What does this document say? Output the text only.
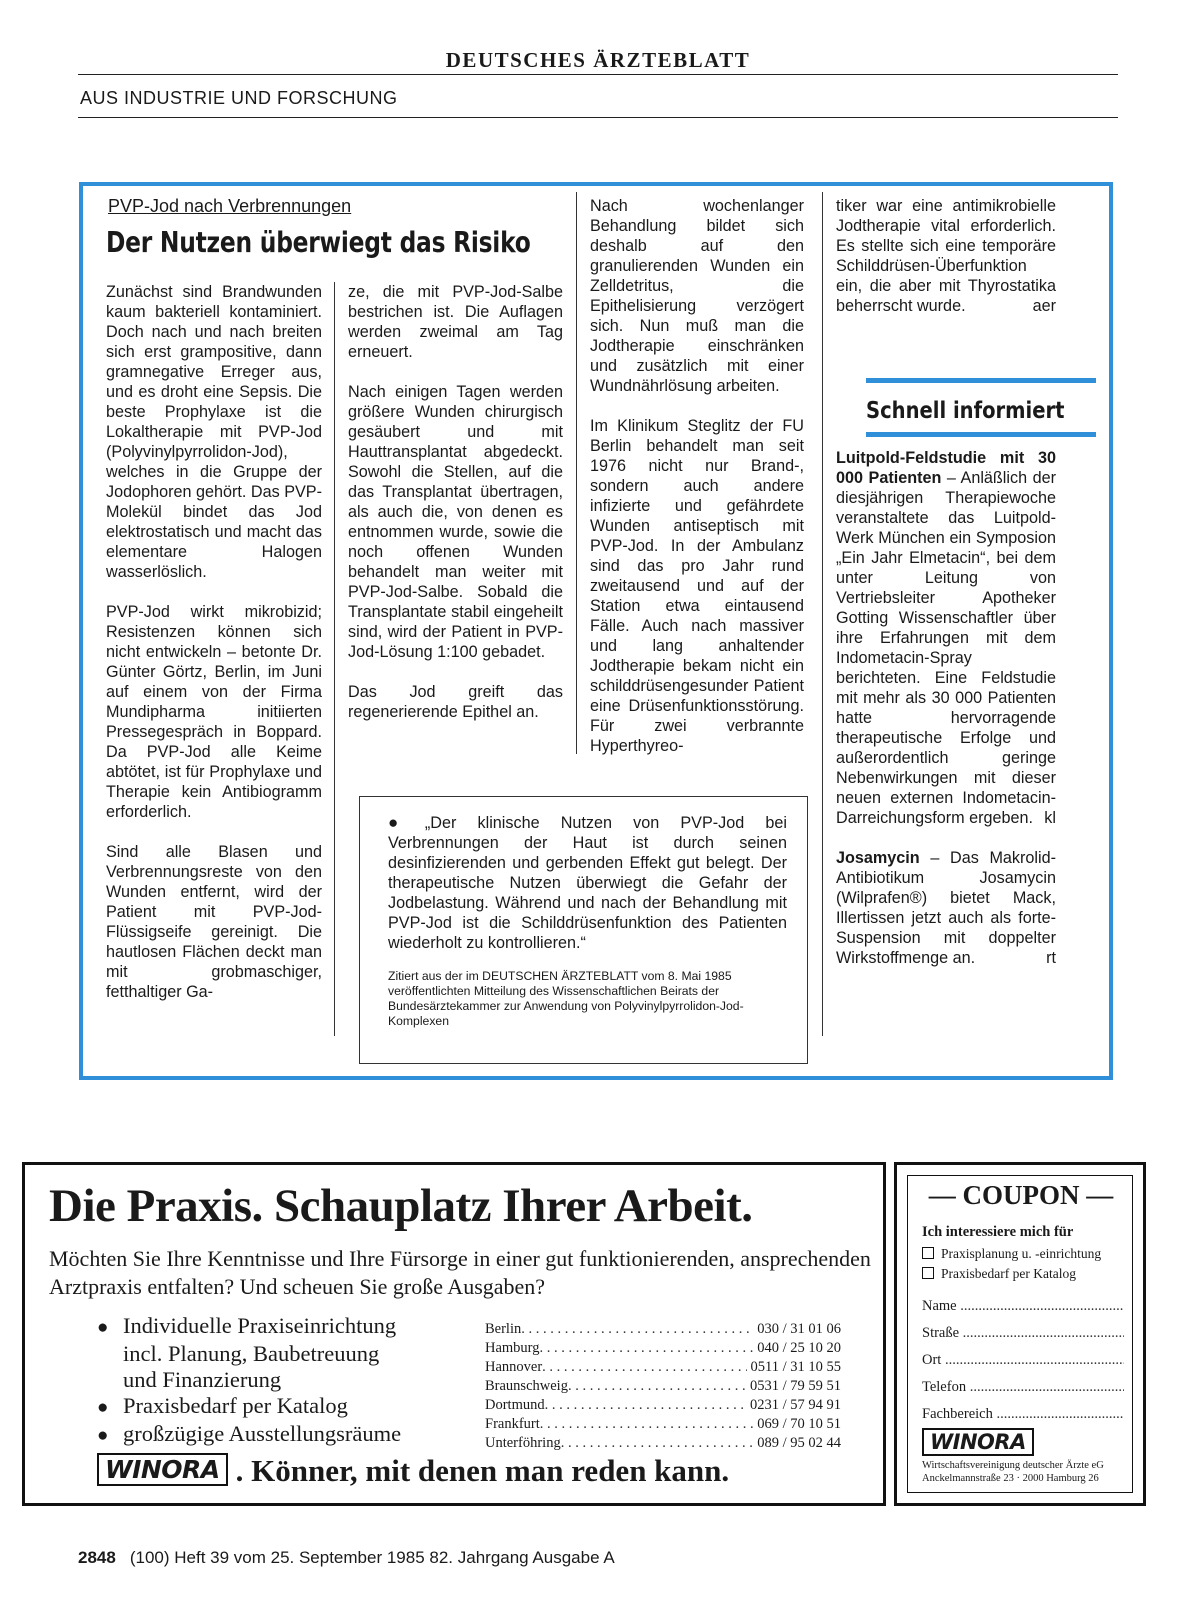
DEUTSCHES ÄRZTEBLATT
AUS INDUSTRIE UND FORSCHUNG
PVP-Jod nach Verbrennungen
Der Nutzen überwiegt das Risiko

Zunächst sind Brandwunden kaum bakteriell kontaminiert. Doch nach und nach breiten sich erst grampositive, dann gramnegative Erreger aus, und es droht eine Sepsis. Die beste Prophylaxe ist die Lokaltherapie mit PVP-Jod (Polyvinylpyrrolidon-Jod), welches in die Gruppe der Jodophoren gehört. Das PVP-Molekül bindet das Jod elektrostatisch und macht das elementare Halogen wasserlöslich.

PVP-Jod wirkt mikrobizid; Resistenzen können sich nicht entwickeln – betonte Dr. Günter Görtz, Berlin, im Juni auf einem von der Firma Mundipharma initiierten Pressegespräch in Boppard. Da PVP-Jod alle Keime abtötet, ist für Prophylaxe und Therapie kein Antibiogramm erforderlich.

Sind alle Blasen und Verbrennungsreste von den Wunden entfernt, wird der Patient mit PVP-Jod-Flüssigseife gereinigt. Die hautlosen Flächen deckt man mit grobmaschiger, fetthaltiger Ga-

ze, die mit PVP-Jod-Salbe bestrichen ist. Die Auflagen werden zweimal am Tag erneuert.

Nach einigen Tagen werden größere Wunden chirurgisch gesäubert und mit Hauttransplantat abgedeckt. Sowohl die Stellen, auf die das Transplantat übertragen, als auch die, von denen es entnommen wurde, sowie die noch offenen Wunden behandelt man weiter mit PVP-Jod-Salbe. Sobald die Transplantate stabil eingeheilt sind, wird der Patient in PVP-Jod-Lösung 1:100 gebadet.

Das Jod greift das regenerierende Epithel an.

Nach wochenlanger Behandlung bildet sich deshalb auf den granulierenden Wunden ein Zelldetritus, die Epithelisierung verzögert sich. Nun muß man die Jodtherapie einschränken und zusätzlich mit einer Wundnährlösung arbeiten.

Im Klinikum Steglitz der FU Berlin behandelt man seit 1976 nicht nur Brand-, sondern auch andere infizierte und gefährdete Wunden antiseptisch mit PVP-Jod. In der Ambulanz sind das pro Jahr rund zweitausend und auf der Station etwa eintausend Fälle. Auch nach massiver und lang anhaltender Jodtherapie bekam nicht ein schilddrüsengesunder Patient eine Drüsenfunktionsstörung. Für zwei verbrannte Hyperthyreo-

tiker war eine antimikrobielle Jodtherapie vital erforderlich. Es stellte sich eine temporäre Schilddrüsen-Überfunktion ein, die aber mit Thyrostatika beherrscht wurde.	aer
Schnell informiert

Luitpold-Feldstudie mit 30 000 Patienten – Anläßlich der diesjährigen Therapiewoche veranstaltete das Luitpold-Werk München ein Symposion „Ein Jahr Elmetacin“, bei dem unter Leitung von Vertriebsleiter Apotheker Gotting Wissenschaftler über ihre Erfahrungen mit dem Indometacin-Spray berichteten. Eine Feldstudie mit mehr als 30 000 Patienten hatte hervorragende therapeutische Erfolge und außerordentlich geringe Nebenwirkungen mit dieser neuen externen Indometacin-Darreichungsform ergeben. kl

Josamycin – Das Makrolid-Antibiotikum Josamycin (Wilprafen®) bietet Mack, Illertissen jetzt auch als forte-Suspension mit doppelter Wirkstoffmenge an.	rt

● „Der klinische Nutzen von PVP-Jod bei Verbrennungen der Haut ist durch seinen desinfizierenden und gerbenden Effekt gut belegt. Der therapeutische Nutzen überwiegt die Gefahr der Jodbelastung. Während und nach der Behandlung mit PVP-Jod ist die Schilddrüsenfunktion des Patienten wiederholt zu kontrollieren.“
Zitiert aus der im DEUTSCHEN ÄRZTEBLATT vom 8. Mai 1985 veröffentlichten Mitteilung des Wissenschaftlichen Beirats der Bundesärztekammer zur Anwendung von Polyvinylpyrrolidon-Jod-Komplexen
Die Praxis. Schauplatz Ihrer Arbeit.
Möchten Sie Ihre Kenntnisse und Ihre Fürsorge in einer gut funktionierenden, ansprechenden Arztpraxis entfalten? Und scheuen Sie große Ausgaben?
● Individuelle Praxiseinrichtung
incl. Planung, Baubetreuung
und Finanzierung
● Praxisbedarf per Katalog
● großzügige Ausstellungsräume
Berlin . . .	030 / 31 01 06
Hamburg . . .	040 / 25 10 20
Hannover . . .	0511 / 31 10 55
Braunschweig . . .	0531 / 79 59 51
Dortmund . . .	0231 / 57 94 91
Frankfurt . . .	069 / 70 10 51
Unterföhring . . .	089 / 95 02 44
WINORA . Könner, mit denen man reden kann.
— COUPON —
Ich interessiere mich für
Praxisplanung u. -einrichtung
Praxisbedarf per Katalog
Name .....
Straße .....
Ort .....
Telefon .....
Fachbereich .....
WINORA
Wirtschaftsvereinigung deutscher Ärzte eG
Anckelmannstraße 23 · 2000 Hamburg 26
2848 (100) Heft 39 vom 25. September 1985 82. Jahrgang Ausgabe A
